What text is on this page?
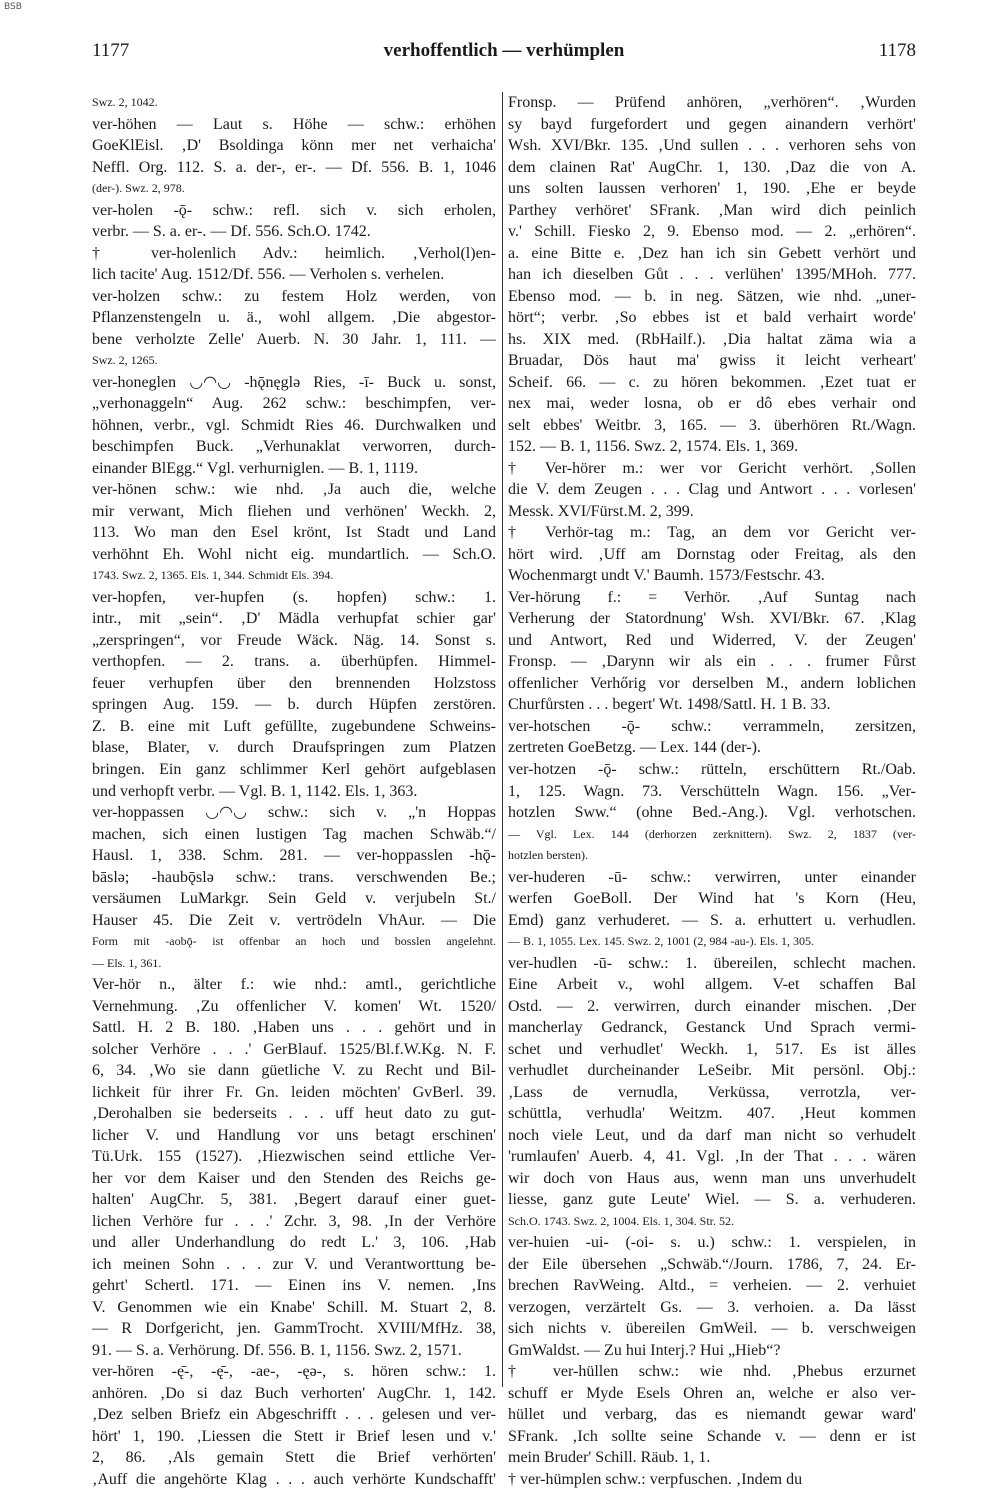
BSB
1177	verhoffentlich — verhümplen	1178
Swz. 2, 1042.
ver-höhen — Laut s. Höhe — schw.: erhöhen
GoeKlEisl. ‚D' Bsoldinga könn mer net verhaicha'
Neffl. Org. 112. S. a. der-, er-. — Df. 556. B. 1, 1046
(der-). Swz. 2, 978.
ver-holen -ǭ- schw.: refl. sich v. sich erholen,
verbr. — S. a. er-. — Df. 556. Sch.O. 1742.
† ver-holenlich Adv.: heimlich. ‚Verhol(l)en-
lich tacite' Aug. 1512/Df. 556. — Verholen s. verhelen.
ver-holzen schw.: zu festem Holz werden, von
Pflanzenstengeln u. ä., wohl allgem. ‚Die abgestor-
bene verholzte Zelle' Auerb. N. 30 Jahr. 1, 111. —
Swz. 2, 1265.
ver-honeglen ◡◠◡ -hǭnęglə Ries, -ī- Buck u. sonst,
„verhonaggeln“ Aug. 262 schw.: beschimpfen, ver-
höhnen, verbr., vgl. Schmidt Ries 46. Durchwalken und
beschimpfen Buck. „Verhunaklat verworren, durch-
einander BlEgg.“ Vgl. verhurniglen. — B. 1, 1119.
ver-hönen schw.: wie nhd. ‚Ja auch die, welche
mir verwant, Mich fliehen und verhönen' Weckh. 2,
113. Wo man den Esel krönt, Ist Stadt und Land
verhöhnt Eh. Wohl nicht eig. mundartlich. — Sch.O.
1743. Swz. 2, 1365. Els. 1, 344. Schmidt Els. 394.
ver-hopfen, ver-hupfen (s. hopfen) schw.: 1.
intr., mit „sein“. ‚D' Mädla verhupfat schier gar'
„zerspringen“, vor Freude Wäck. Näg. 14. Sonst s.
verthopfen. — 2. trans. a. überhüpfen. Himmel-
feuer verhupfen über den brennenden Holzstoss
springen Aug. 159. — b. durch Hüpfen zerstören.
Z. B. eine mit Luft gefüllte, zugebundene Schweins-
blase, Blater, v. durch Draufspringen zum Platzen
bringen. Ein ganz schlimmer Kerl gehört aufgeblasen
und verhopft verbr. — Vgl. B. 1, 1142. Els. 1, 363.
ver-hoppassen ◡◠◡ schw.: sich v. „'n Hoppas
machen, sich einen lustigen Tag machen Schwäb.“/
Hausl. 1, 338. Schm. 281. — ver-hoppasslen -hǭ-
bāslə; -haubǭslə schw.: trans. verschwenden Be.;
versäumen LuMarkgr. Sein Geld v. verjubeln St./
Hauser 45. Die Zeit v. vertrödeln VhAur. — Die
Form mit -aobǭ- ist offenbar an hoch und bosslen angelehnt.
— Els. 1, 361.
Ver-hör n., älter f.: wie nhd.: amtl., gerichtliche
Vernehmung. ‚Zu offenlicher V. komen' Wt. 1520/
Sattl. H. 2 B. 180. ‚Haben uns . . . gehört und in
solcher Verhöre . . .' GerBlauf. 1525/Bl.f.W.Kg. N. F.
6, 34. ‚Wo sie dann güetliche V. zu Recht und Bil-
lichkeit für ihrer Fr. Gn. leiden möchten' GvBerl. 39.
‚Derohalben sie bederseits . . . uff heut dato zu gut-
licher V. und Handlung vor uns betagt erschinen'
Tü.Urk. 155 (1527). ‚Hiezwischen seind ettliche Ver-
her vor dem Kaiser und den Stenden des Reichs ge-
halten' AugChr. 5, 381. ‚Begert darauf einer guet-
lichen Verhöre fur . . .' Zchr. 3, 98. ‚In der Verhöre
und aller Underhandlung do redt L.' 3, 106. ‚Hab
ich meinen Sohn . . . zur V. und Verantworttung be-
gehrt' Schertl. 171. — Einen ins V. nemen. ‚Ins
V. Genommen wie ein Knabe' Schill. M. Stuart 2, 8.
— R Dorfgericht, jen. GammTrocht. XVIII/MfHz. 38,
91. — S. a. Verhörung. Df. 556. B. 1, 1156. Swz. 2, 1571.
ver-hören -ę̄-, -ę̄-, -ae-, -ęə-, s. hören schw.: 1.
anhören. ‚Do si daz Buch verhorten' AugChr. 1, 142.
‚Dez selben Briefz ein Abgeschrifft . . . gelesen und ver-
hört' 1, 190. ‚Liessen die Stett ir Brief lesen und v.'
2, 86. ‚Als gemain Stett die Brief verhörten'
‚Auff die angehörte Klag . . . auch verhörte Kundschafft'
Fronsp. — Prüfend anhören, „verhören“. ‚Wurden
sy bayd furgefordert und gegen ainandern verhört'
Wsh. XVI/Bkr. 135. ‚Und sullen . . . verhoren sehs von
dem clainen Rat' AugChr. 1, 130. ‚Daz die von A.
uns solten laussen verhoren' 1, 190. ‚Ehe er beyde
Parthey verhöret' SFrank. ‚Man wird dich peinlich
v.' Schill. Fiesko 2, 9. Ebenso mod. — 2. „erhören“.
a. eine Bitte e. ‚Dez han ich sin Gebett verhört und
han ich dieselben Gůt . . . verlühen' 1395/MHoh. 777.
Ebenso mod. — b. in neg. Sätzen, wie nhd. „uner-
hört“; verbr. ‚So ebbes ist et bald verhairt worde'
hs. XIX med. (RbHailf.). ‚Dia haltat zäma wia a
Bruadar, Dös haut ma' gwiss it leicht verheart'
Scheif. 66. — c. zu hören bekommen. ‚Ezet tuat er
nex mai, weder losna, ob er dô ebes verhair ond
selt ebbes' Weitbr. 3, 165. — 3. überhören Rt./Wagn.
152. — B. 1, 1156. Swz. 2, 1574. Els. 1, 369.
† Ver-hörer m.: wer vor Gericht verhört. ‚Sollen
die V. dem Zeugen . . . Clag und Antwort . . . vorlesen'
Messk. XVI/Fürst.M. 2, 399.
† Verhör-tag m.: Tag, an dem vor Gericht ver-
hört wird. ‚Uff am Dornstag oder Freitag, als den
Wochenmargt undt V.' Baumh. 1573/Festschr. 43.
Ver-hörung f.: = Verhör. ‚Auf Suntag nach
Verherung der Statordnung' Wsh. XVI/Bkr. 67. ‚Klag
und Antwort, Red und Widerred, V. der Zeugen'
Fronsp. — ‚Darynn wir als ein . . . frumer Fůrst
offenlicher Verhőrig vor derselben M., andern loblichen
Churfůrsten . . . begert' Wt. 1498/Sattl. H. 1 B. 33.
ver-hotschen -ǭ- schw.: verrammeln, zersitzen,
zertreten GoeBetzg. — Lex. 144 (der-).
ver-hotzen -ǭ- schw.: rütteln, erschüttern Rt./Oab.
1, 125. Wagn. 73. Verschütteln Wagn. 156. „Ver-
hotzlen Sww.“ (ohne Bed.-Ang.). Vgl. verhotschen.
— Vgl. Lex. 144 (derhorzen zerknittern). Swz. 2, 1837 (ver-
hotzlen bersten).
ver-huderen -ū- schw.: verwirren, unter einander
werfen GoeBoll. Der Wind hat 's Korn (Heu,
Emd) ganz verhuderet. — S. a. erhuttert u. verhudlen.
— B. 1, 1055. Lex. 145. Swz. 2, 1001 (2, 984 -au-). Els. 1, 305.
ver-hudlen -ū- schw.: 1. übereilen, schlecht machen.
Eine Arbeit v., wohl allgem. V-et schaffen Bal
Ostd. — 2. verwirren, durch einander mischen. ‚Der
mancherlay Gedranck, Gestanck Und Sprach vermi-
schet und verhudlet' Weckh. 1, 517. Es ist älles
verhudlet durcheinander LeSeibr. Mit persönl. Obj.:
‚Lass de vernudla, Verküssa, verrotzla, ver-
schüttla, verhudla' Weitzm. 407. ‚Heut kommen
noch viele Leut, und da darf man nicht so verhudelt
'rumlaufen' Auerb. 4, 41. Vgl. ‚In der That . . . wären
wir doch von Haus aus, wenn man uns unverhudelt
liesse, ganz gute Leute' Wiel. — S. a. verhuderen.
Sch.O. 1743. Swz. 2, 1004. Els. 1, 304. Str. 52.
ver-huien -ui- (-oi- s. u.) schw.: 1. verspielen, in
der Eile übersehen „Schwäb.“/Journ. 1786, 7, 24. Er-
brechen RavWeing. Altd., = verheien. — 2. verhuiet
verzogen, verzärtelt Gs. — 3. verhoien. a. Da lässt
sich nichts v. übereilen GmWeil. — b. verschweigen
GmWaldst. — Zu hui Interj.? Hui „Hieb“?
† ver-hüllen schw.: wie nhd. ‚Phebus erzurnet
schuff er Myde Esels Ohren an, welche er also ver-
hüllet und verbarg, das es niemandt gewar ward'
SFrank. ‚Ich sollte seine Schande v. — denn er ist
mein Bruder' Schill. Räub. 1, 1.
† ver-hümplen schw.: verpfuschen. ‚Indem du
